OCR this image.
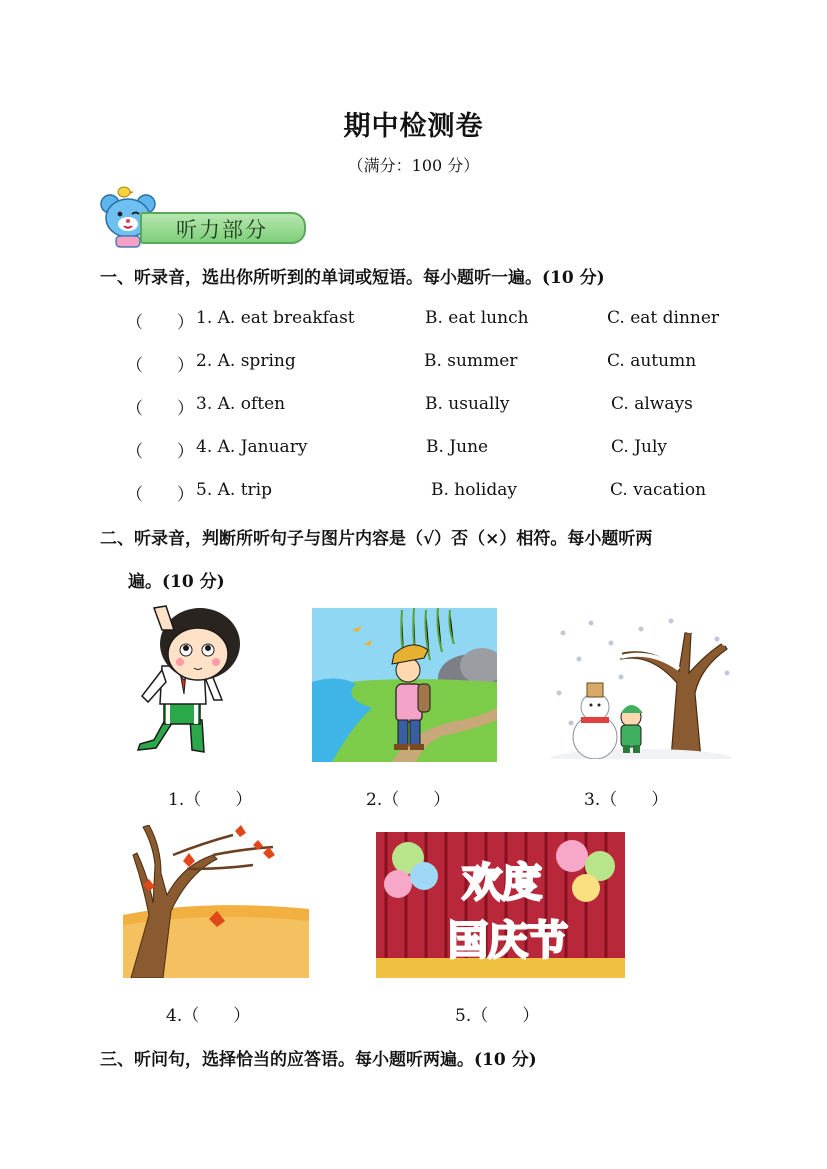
期中检测卷
（满分：100 分）
听力部分
一、听录音，选出你所听到的单词或短语。每小题听一遍。(10 分)
（　　） 1. A. eat breakfast	B. eat lunch	C. eat dinner
（　　） 2. A. spring	B. summer	C. autumn
（　　） 3. A. often	B. usually	C. always
（　　） 4. A. January	B. June	C. July
（　　） 5. A. trip	B. holiday	C. vacation
二、听录音，判断所听句子与图片内容是（√）否（×）相符。每小题听两
遍。(10 分)
欢度
国庆节
1.（　　）	2.（　　）	3.（　　）
4.（　　）	5.（　　）
三、听问句，选择恰当的应答语。每小题听两遍。(10 分)
